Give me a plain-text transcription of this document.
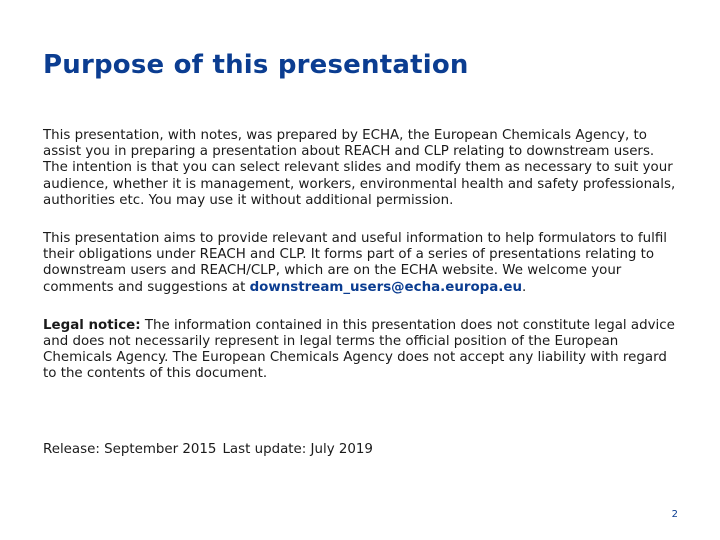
Purpose of this presentation

This presentation, with notes, was prepared by ECHA, the European Chemicals Agency, to assist you in preparing a presentation about REACH and CLP relating to downstream users. The intention is that you can select relevant slides and modify them as necessary to suit your audience, whether it is management, workers, environmental health and safety professionals, authorities etc. You may use it without additional permission.

This presentation aims to provide relevant and useful information to help formulators to fulfil their obligations under REACH and CLP. It forms part of a series of presentations relating to downstream users and REACH/CLP, which are on the ECHA website. We welcome your comments and suggestions at downstream_users@echa.europa.eu.

Legal notice: The information contained in this presentation does not constitute legal advice and does not necessarily represent in legal terms the official position of the European Chemicals Agency. The European Chemicals Agency does not accept any liability with regard to the contents of this document.

Release: September 2015 Last update: July 2019

2
